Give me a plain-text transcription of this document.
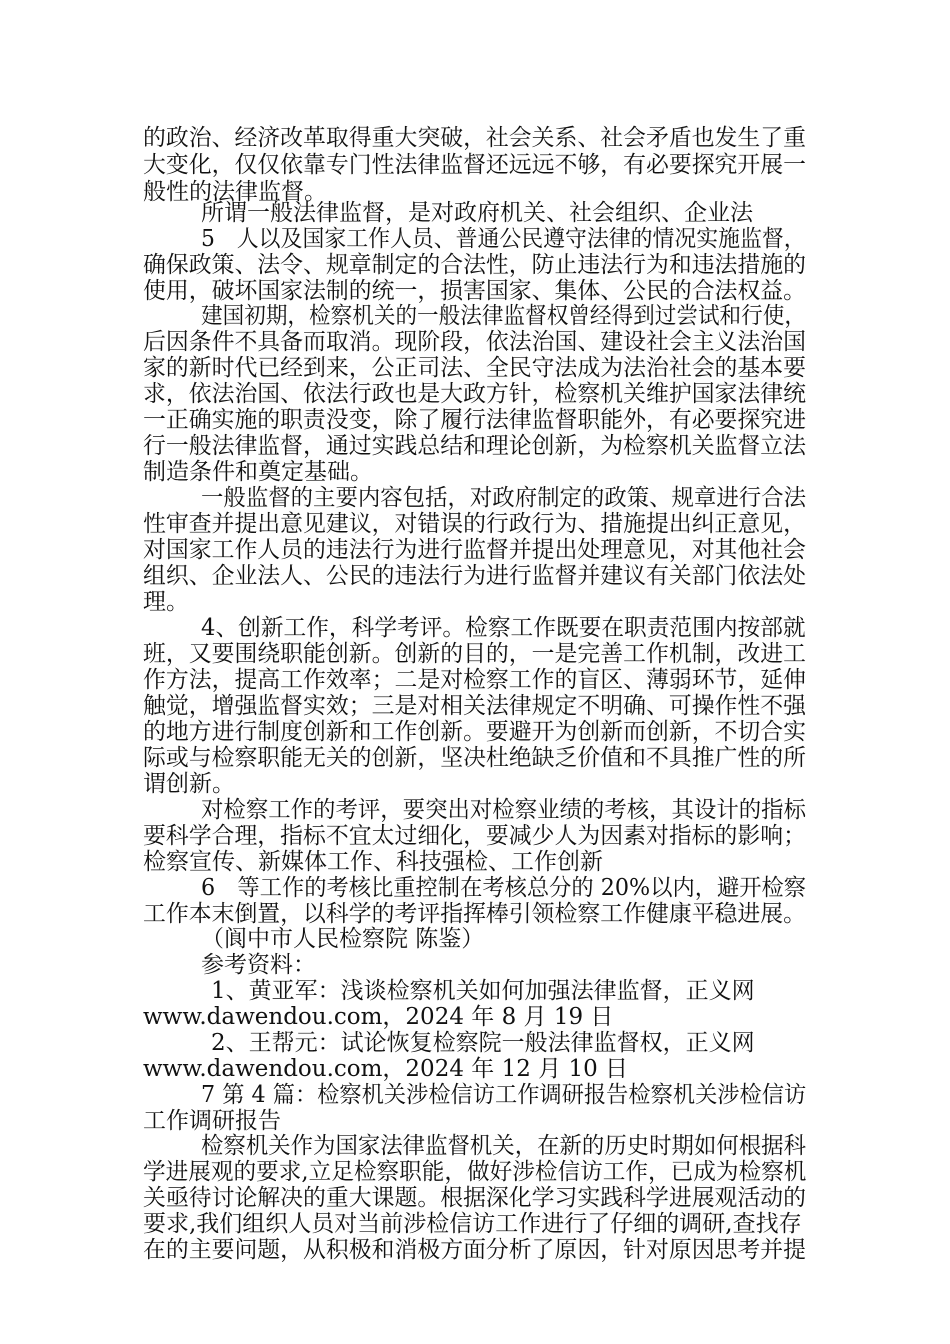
的政治、经济改革取得重大突破，社会关系、社会矛盾也发生了重

大变化，仅仅依靠专门性法律监督还远远不够，有必要探究开展一

般性的法律监督。

所谓一般法律监督，是对政府机关、社会组织、企业法

5　人以及国家工作人员、普通公民遵守法律的情况实施监督，

确保政策、法令、规章制定的合法性，防止违法行为和违法措施的

使用，破坏国家法制的统一，损害国家、集体、公民的合法权益。

建国初期，检察机关的一般法律监督权曾经得到过尝试和行使，

后因条件不具备而取消。现阶段，依法治国、建设社会主义法治国

家的新时代已经到来，公正司法、全民守法成为法治社会的基本要

求，依法治国、依法行政也是大政方针，检察机关维护国家法律统

一正确实施的职责没变，除了履行法律监督职能外，有必要探究进

行一般法律监督，通过实践总结和理论创新，为检察机关监督立法

制造条件和奠定基础。

一般监督的主要内容包括，对政府制定的政策、规章进行合法

性审查并提出意见建议，对错误的行政行为、措施提出纠正意见，

对国家工作人员的违法行为进行监督并提出处理意见，对其他社会

组织、企业法人、公民的违法行为进行监督并建议有关部门依法处

理。

4、创新工作，科学考评。检察工作既要在职责范围内按部就

班，又要围绕职能创新。创新的目的，一是完善工作机制，改进工

作方法，提高工作效率；二是对检察工作的盲区、薄弱环节，延伸

触觉，增强监督实效；三是对相关法律规定不明确、可操作性不强

的地方进行制度创新和工作创新。要避开为创新而创新，不切合实

际或与检察职能无关的创新，坚决杜绝缺乏价值和不具推广性的所

谓创新。

对检察工作的考评，要突出对检察业绩的考核，其设计的指标

要科学合理，指标不宜太过细化，要减少人为因素对指标的影响；

检察宣传、新媒体工作、科技强检、工作创新

6　等工作的考核比重控制在考核总分的 20%以内，避开检察

工作本末倒置，以科学的考评指挥棒引领检察工作健康平稳进展。

（阆中市人民检察院 陈鉴）

参考资料：

1、黄亚军：浅谈检察机关如何加强法律监督，正义网

www.dawendou.com，2024 年 8 月 19 日

2、王帮元：试论恢复检察院一般法律监督权，正义网

www.dawendou.com，2024 年 12 月 10 日

7 第 4 篇：检察机关涉检信访工作调研报告检察机关涉检信访

工作调研报告

检察机关作为国家法律监督机关，在新的历史时期如何根据科

学进展观的要求,立足检察职能，做好涉检信访工作，已成为检察机

关亟待讨论解决的重大课题。根据深化学习实践科学进展观活动的

要求,我们组织人员对当前涉检信访工作进行了仔细的调研,查找存

在的主要问题，从积极和消极方面分析了原因，针对原因思考并提
